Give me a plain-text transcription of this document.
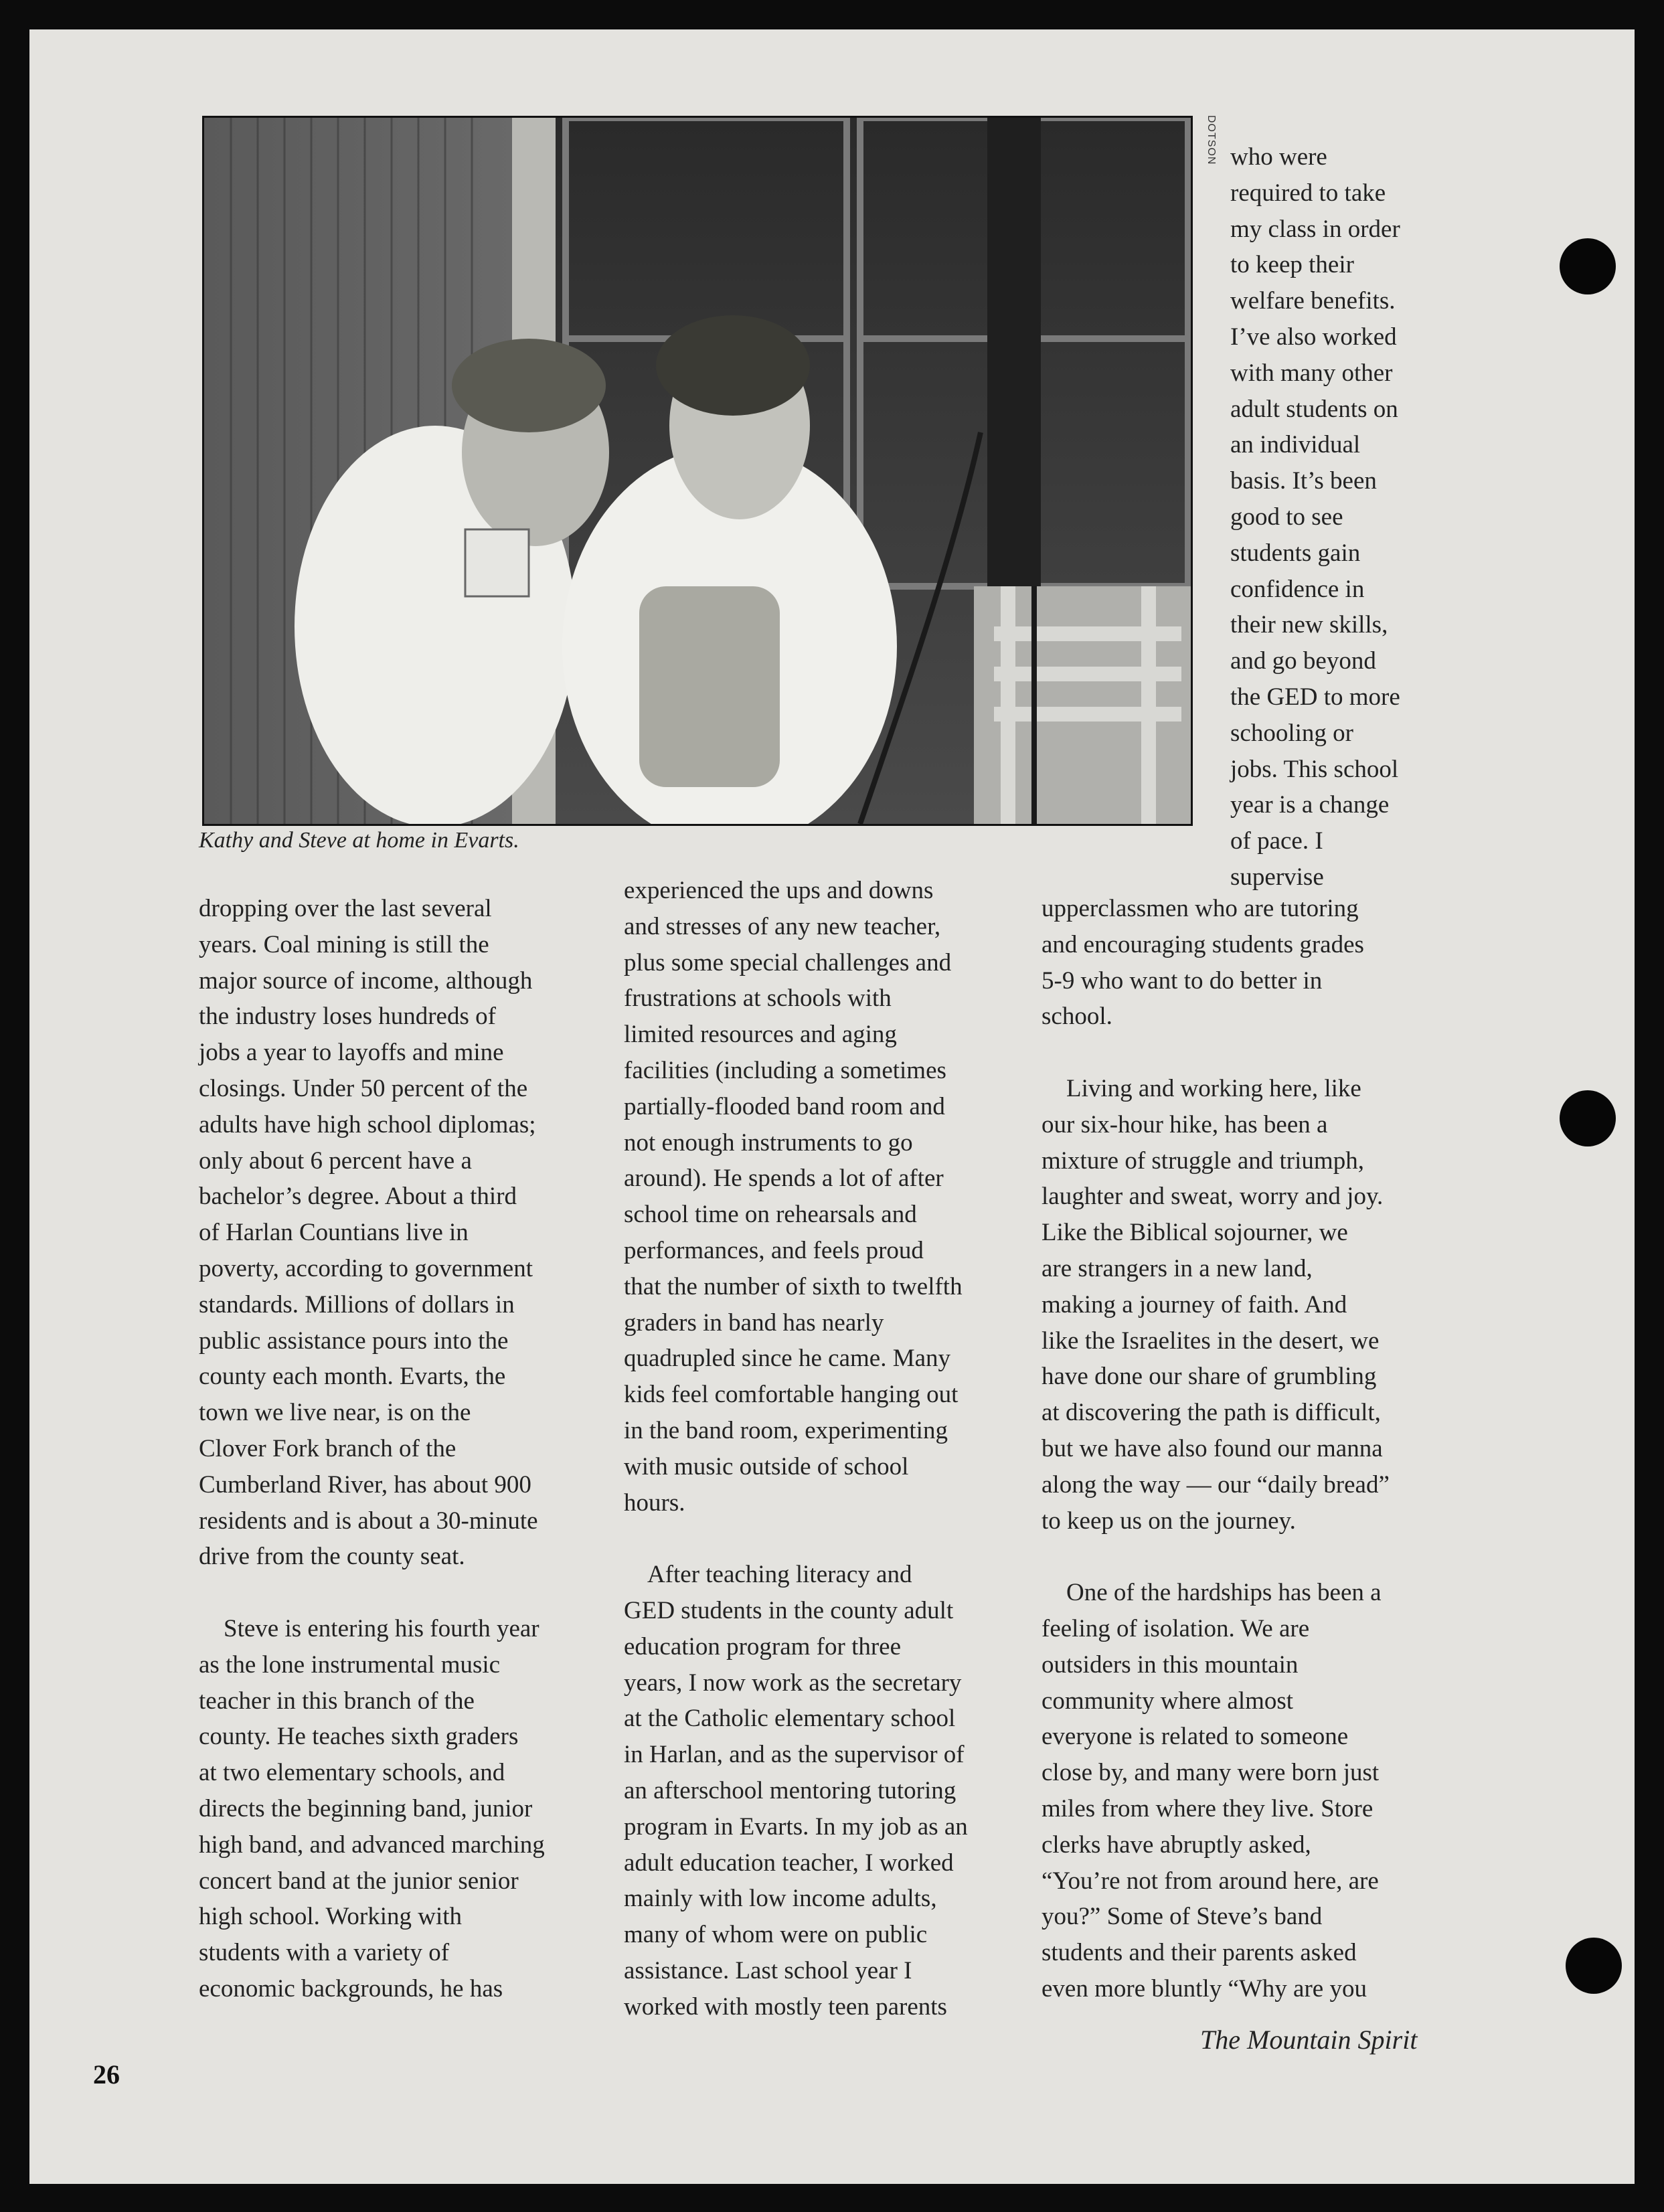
DOTSON
Kathy and Steve at home in Evarts.
who were
required to take
my class in order
to keep their
welfare benefits.
I’ve also worked
with many other
adult students on
an individual
basis. It’s been
good to see
students gain
confidence in
their new skills,
and go beyond
the GED to more
schooling or
jobs. This school
year is a change
of pace. I
supervise
dropping over the last several
years. Coal mining is still the
major source of income, although
the industry loses hundreds of
jobs a year to layoffs and mine
closings. Under 50 percent of the
adults have high school diplomas;
only about 6 percent have a
bachelor’s degree. About a third
of Harlan Countians live in
poverty, according to government
standards. Millions of dollars in
public assistance pours into the
county each month. Evarts, the
town we live near, is on the
Clover Fork branch of the
Cumberland River, has about 900
residents and is about a 30-minute
drive from the county seat.

Steve is entering his fourth year
as the lone instrumental music
teacher in this branch of the
county. He teaches sixth graders
at two elementary schools, and
directs the beginning band, junior
high band, and advanced marching
concert band at the junior senior
high school. Working with
students with a variety of
economic backgrounds, he has
experienced the ups and downs
and stresses of any new teacher,
plus some special challenges and
frustrations at schools with
limited resources and aging
facilities (including a sometimes
partially-flooded band room and
not enough instruments to go
around). He spends a lot of after
school time on rehearsals and
performances, and feels proud
that the number of sixth to twelfth
graders in band has nearly
quadrupled since he came. Many
kids feel comfortable hanging out
in the band room, experimenting
with music outside of school
hours.

After teaching literacy and
GED students in the county adult
education program for three
years, I now work as the secretary
at the Catholic elementary school
in Harlan, and as the supervisor of
an afterschool mentoring tutoring
program in Evarts. In my job as an
adult education teacher, I worked
mainly with low income adults,
many of whom were on public
assistance. Last school year I
worked with mostly teen parents
upperclassmen who are tutoring
and encouraging students grades
5-9 who want to do better in
school.

Living and working here, like
our six-hour hike, has been a
mixture of struggle and triumph,
laughter and sweat, worry and joy.
Like the Biblical sojourner, we
are strangers in a new land,
making a journey of faith. And
like the Israelites in the desert, we
have done our share of grumbling
at discovering the path is difficult,
but we have also found our manna
along the way — our “daily bread”
to keep us on the journey.

One of the hardships has been a
feeling of isolation. We are
outsiders in this mountain
community where almost
everyone is related to someone
close by, and many were born just
miles from where they live. Store
clerks have abruptly asked,
“You’re not from around here, are
you?” Some of Steve’s band
students and their parents asked
even more bluntly “Why are you
26
The Mountain Spirit
